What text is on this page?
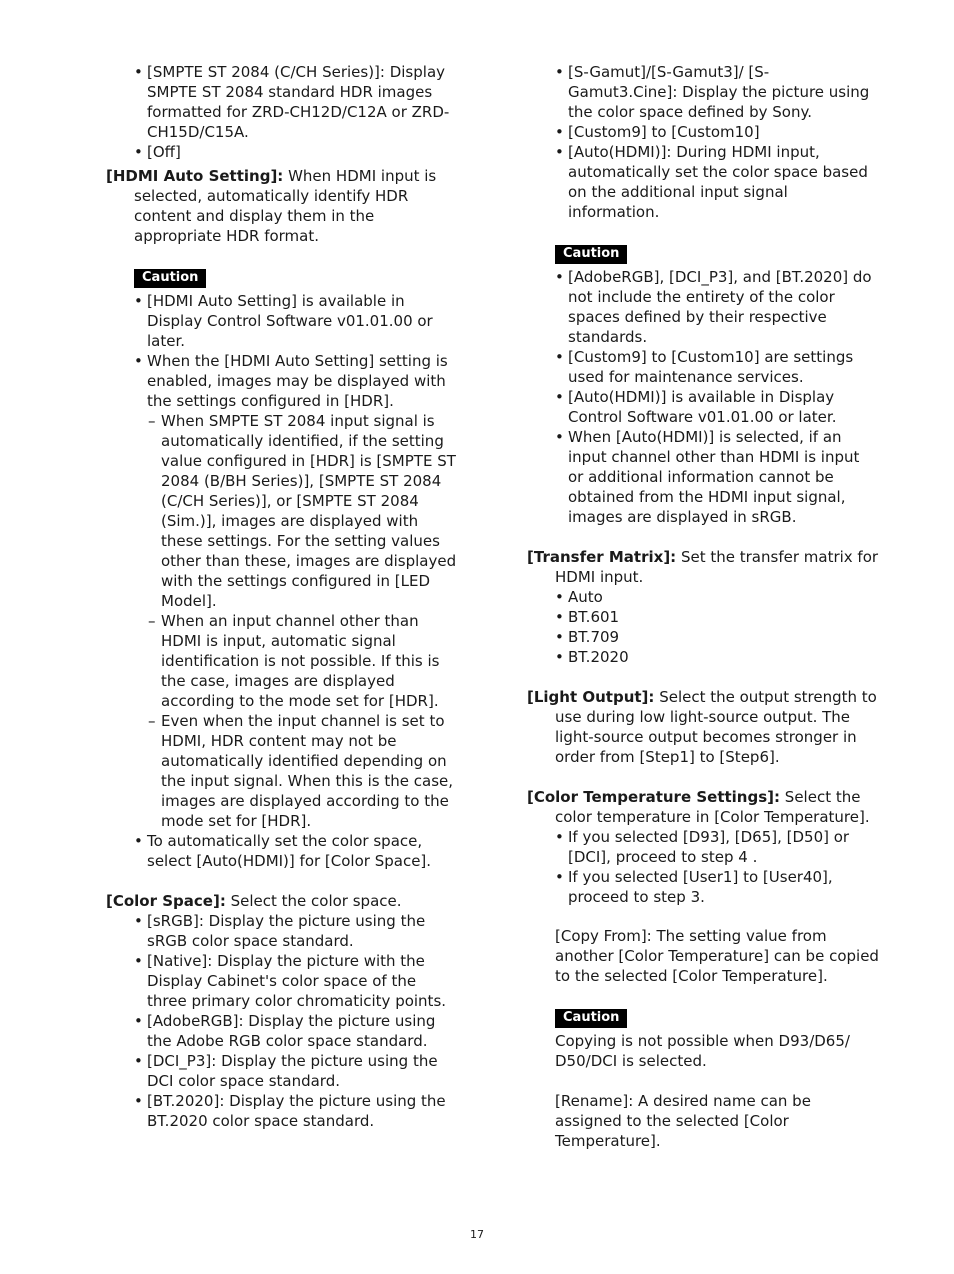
• [SMPTE ST 2084 (C/CH Series)]: Display SMPTE ST 2084 standard HDR images formatted for ZRD-CH12D/C12A or ZRD-CH15D/C15A.
• [Off]
[HDMI Auto Setting]: When HDMI input is selected, automatically identify HDR content and display them in the appropriate HDR format.
Caution
• [HDMI Auto Setting] is available in Display Control Software v01.01.00 or later.
• When the [HDMI Auto Setting] setting is enabled, images may be displayed with the settings configured in [HDR].
– When SMPTE ST 2084 input signal is automatically identified, if the setting value configured in [HDR] is [SMPTE ST 2084 (B/BH Series)], [SMPTE ST 2084 (C/CH Series)], or [SMPTE ST 2084 (Sim.)], images are displayed with these settings. For the setting values other than these, images are displayed with the settings configured in [LED Model].
– When an input channel other than HDMI is input, automatic signal identification is not possible. If this is the case, images are displayed according to the mode set for [HDR].
– Even when the input channel is set to HDMI, HDR content may not be automatically identified depending on the input signal. When this is the case, images are displayed according to the mode set for [HDR].
• To automatically set the color space, select [Auto(HDMI)] for [Color Space].
[Color Space]: Select the color space.
• [sRGB]: Display the picture using the sRGB color space standard.
• [Native]: Display the picture with the Display Cabinet's color space of the three primary color chromaticity points.
• [AdobeRGB]: Display the picture using the Adobe RGB color space standard.
• [DCI_P3]: Display the picture using the DCI color space standard.
• [BT.2020]: Display the picture using the BT.2020 color space standard.
• [S-Gamut]/[S-Gamut3]/ [S-Gamut3.Cine]: Display the picture using the color space defined by Sony.
• [Custom9] to [Custom10]
• [Auto(HDMI)]: During HDMI input, automatically set the color space based on the additional input signal information.
Caution
• [AdobeRGB], [DCI_P3], and [BT.2020] do not include the entirety of the color spaces defined by their respective standards.
• [Custom9] to [Custom10] are settings used for maintenance services.
• [Auto(HDMI)] is available in Display Control Software v01.01.00 or later.
• When [Auto(HDMI)] is selected, if an input channel other than HDMI is input or additional information cannot be obtained from the HDMI input signal, images are displayed in sRGB.
[Transfer Matrix]: Set the transfer matrix for HDMI input.
• Auto
• BT.601
• BT.709
• BT.2020
[Light Output]: Select the output strength to use during low light-source output. The light-source output becomes stronger in order from [Step1] to [Step6].
[Color Temperature Settings]: Select the color temperature in [Color Temperature].
• If you selected [D93], [D65], [D50] or [DCI], proceed to step 4 .
• If you selected [User1] to [User40], proceed to step 3.
[Copy From]: The setting value from another [Color Temperature] can be copied to the selected [Color Temperature].
Caution
Copying is not possible when D93/D65/ D50/DCI is selected.
[Rename]: A desired name can be assigned to the selected [Color Temperature].
17
